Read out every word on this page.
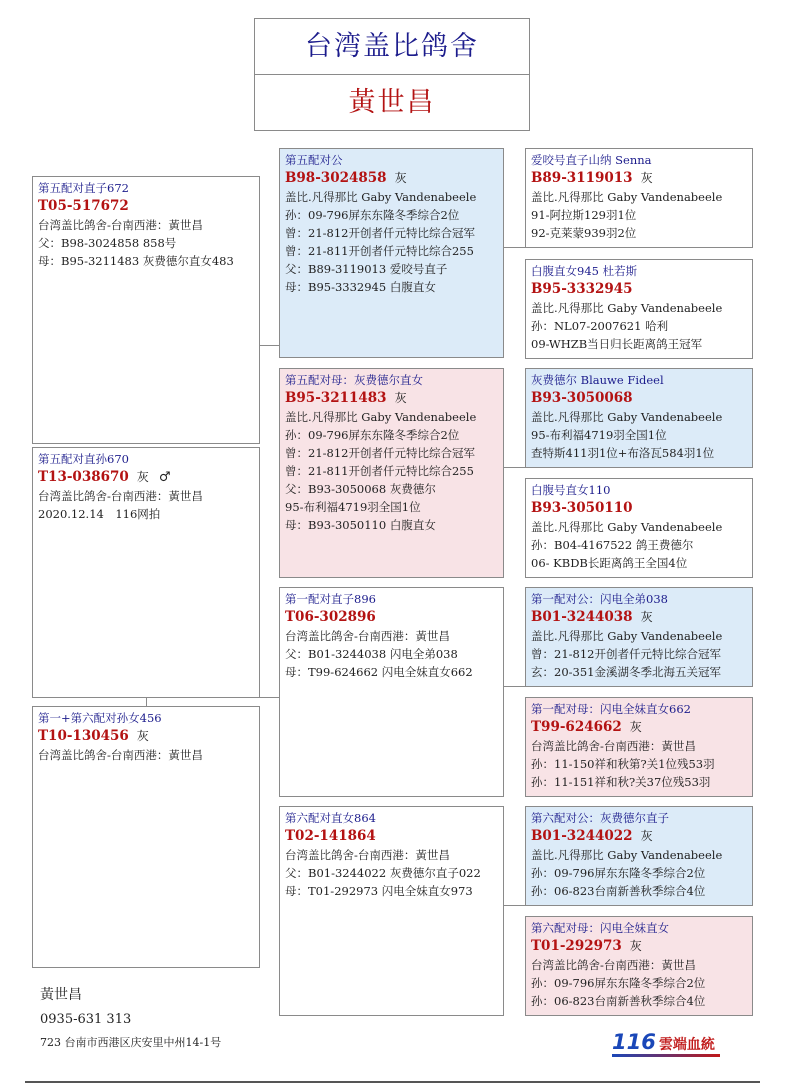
台湾盖比鸽舍
黃世昌
第五配对直子672
T05-517672
台湾盖比鸽舍-台南西港：黃世昌
父：B98-3024858 858号
母：B95-3211483 灰费德尔直女483
第五配对直孙670
T13-038670 灰 ♂
台湾盖比鸽舍-台南西港：黃世昌
2020.12.14　116网拍
第一+第六配对孙女456
T10-130456 灰
台湾盖比鸽舍-台南西港：黃世昌
第五配对公
B98-3024858 灰
盖比.凡得那比 Gaby Vandenabeele
孙：09-796屏东东隆冬季综合2位
曾：21-812开创者仟元特比综合冠军
曾：21-811开创者仟元特比综合255
父：B89-3119013 爱咬号直子
母：B95-3332945 白腹直女
第五配对母：灰费德尔直女
B95-3211483 灰
盖比.凡得那比 Gaby Vandenabeele
孙：09-796屏东东隆冬季综合2位
曾：21-812开创者仟元特比综合冠军
曾：21-811开创者仟元特比综合255
父：B93-3050068 灰费德尔
95-布利福4719羽全国1位
母：B93-3050110 白腹直女
第一配对直子896
T06-302896
台湾盖比鸽舍-台南西港：黃世昌
父：B01-3244038 闪电全弟038
母：T99-624662 闪电全妹直女662
第六配对直女864
T02-141864
台湾盖比鸽舍-台南西港：黃世昌
父：B01-3244022 灰费德尔直子022
母：T01-292973 闪电全妹直女973
爱咬号直子山纳 Senna
B89-3119013 灰
盖比.凡得那比 Gaby Vandenabeele
91-阿拉斯129羽1位
92-克莱蒙939羽2位
白腹直女945 杜若斯
B95-3332945
盖比.凡得那比 Gaby Vandenabeele
孙：NL07-2007621 哈利
09-WHZB当日归长距离鸽王冠军
灰费德尔 Blauwe Fideel
B93-3050068
盖比.凡得那比 Gaby Vandenabeele
95-布利福4719羽全国1位
查特斯411羽1位+布洛瓦584羽1位
白腹号直女110
B93-3050110
盖比.凡得那比 Gaby Vandenabeele
孙：B04-4167522 鸽王费德尔
06- KBDB长距离鸽王全国4位
第一配对公：闪电全弟038
B01-3244038 灰
盖比.凡得那比 Gaby Vandenabeele
曾：21-812开创者仟元特比综合冠军
玄：20-351金溪湖冬季北海五关冠军
第一配对母：闪电全妹直女662
T99-624662 灰
台湾盖比鸽舍-台南西港：黃世昌
孙：11-150祥和秋第?关1位残53羽
孙：11-151祥和秋?关37位残53羽
第六配对公：灰费德尔直子
B01-3244022 灰
盖比.凡得那比 Gaby Vandenabeele
孙：09-796屏东东隆冬季综合2位
孙：06-823台南新善秋季综合4位
第六配对母：闪电全妹直女
T01-292973 灰
台湾盖比鸽舍-台南西港：黃世昌
孙：09-796屏东东隆冬季综合2位
孙：06-823台南新善秋季综合4位
黃世昌
0935-631 313
723 台南市西港区庆安里中州14-1号	116 雲端血統
